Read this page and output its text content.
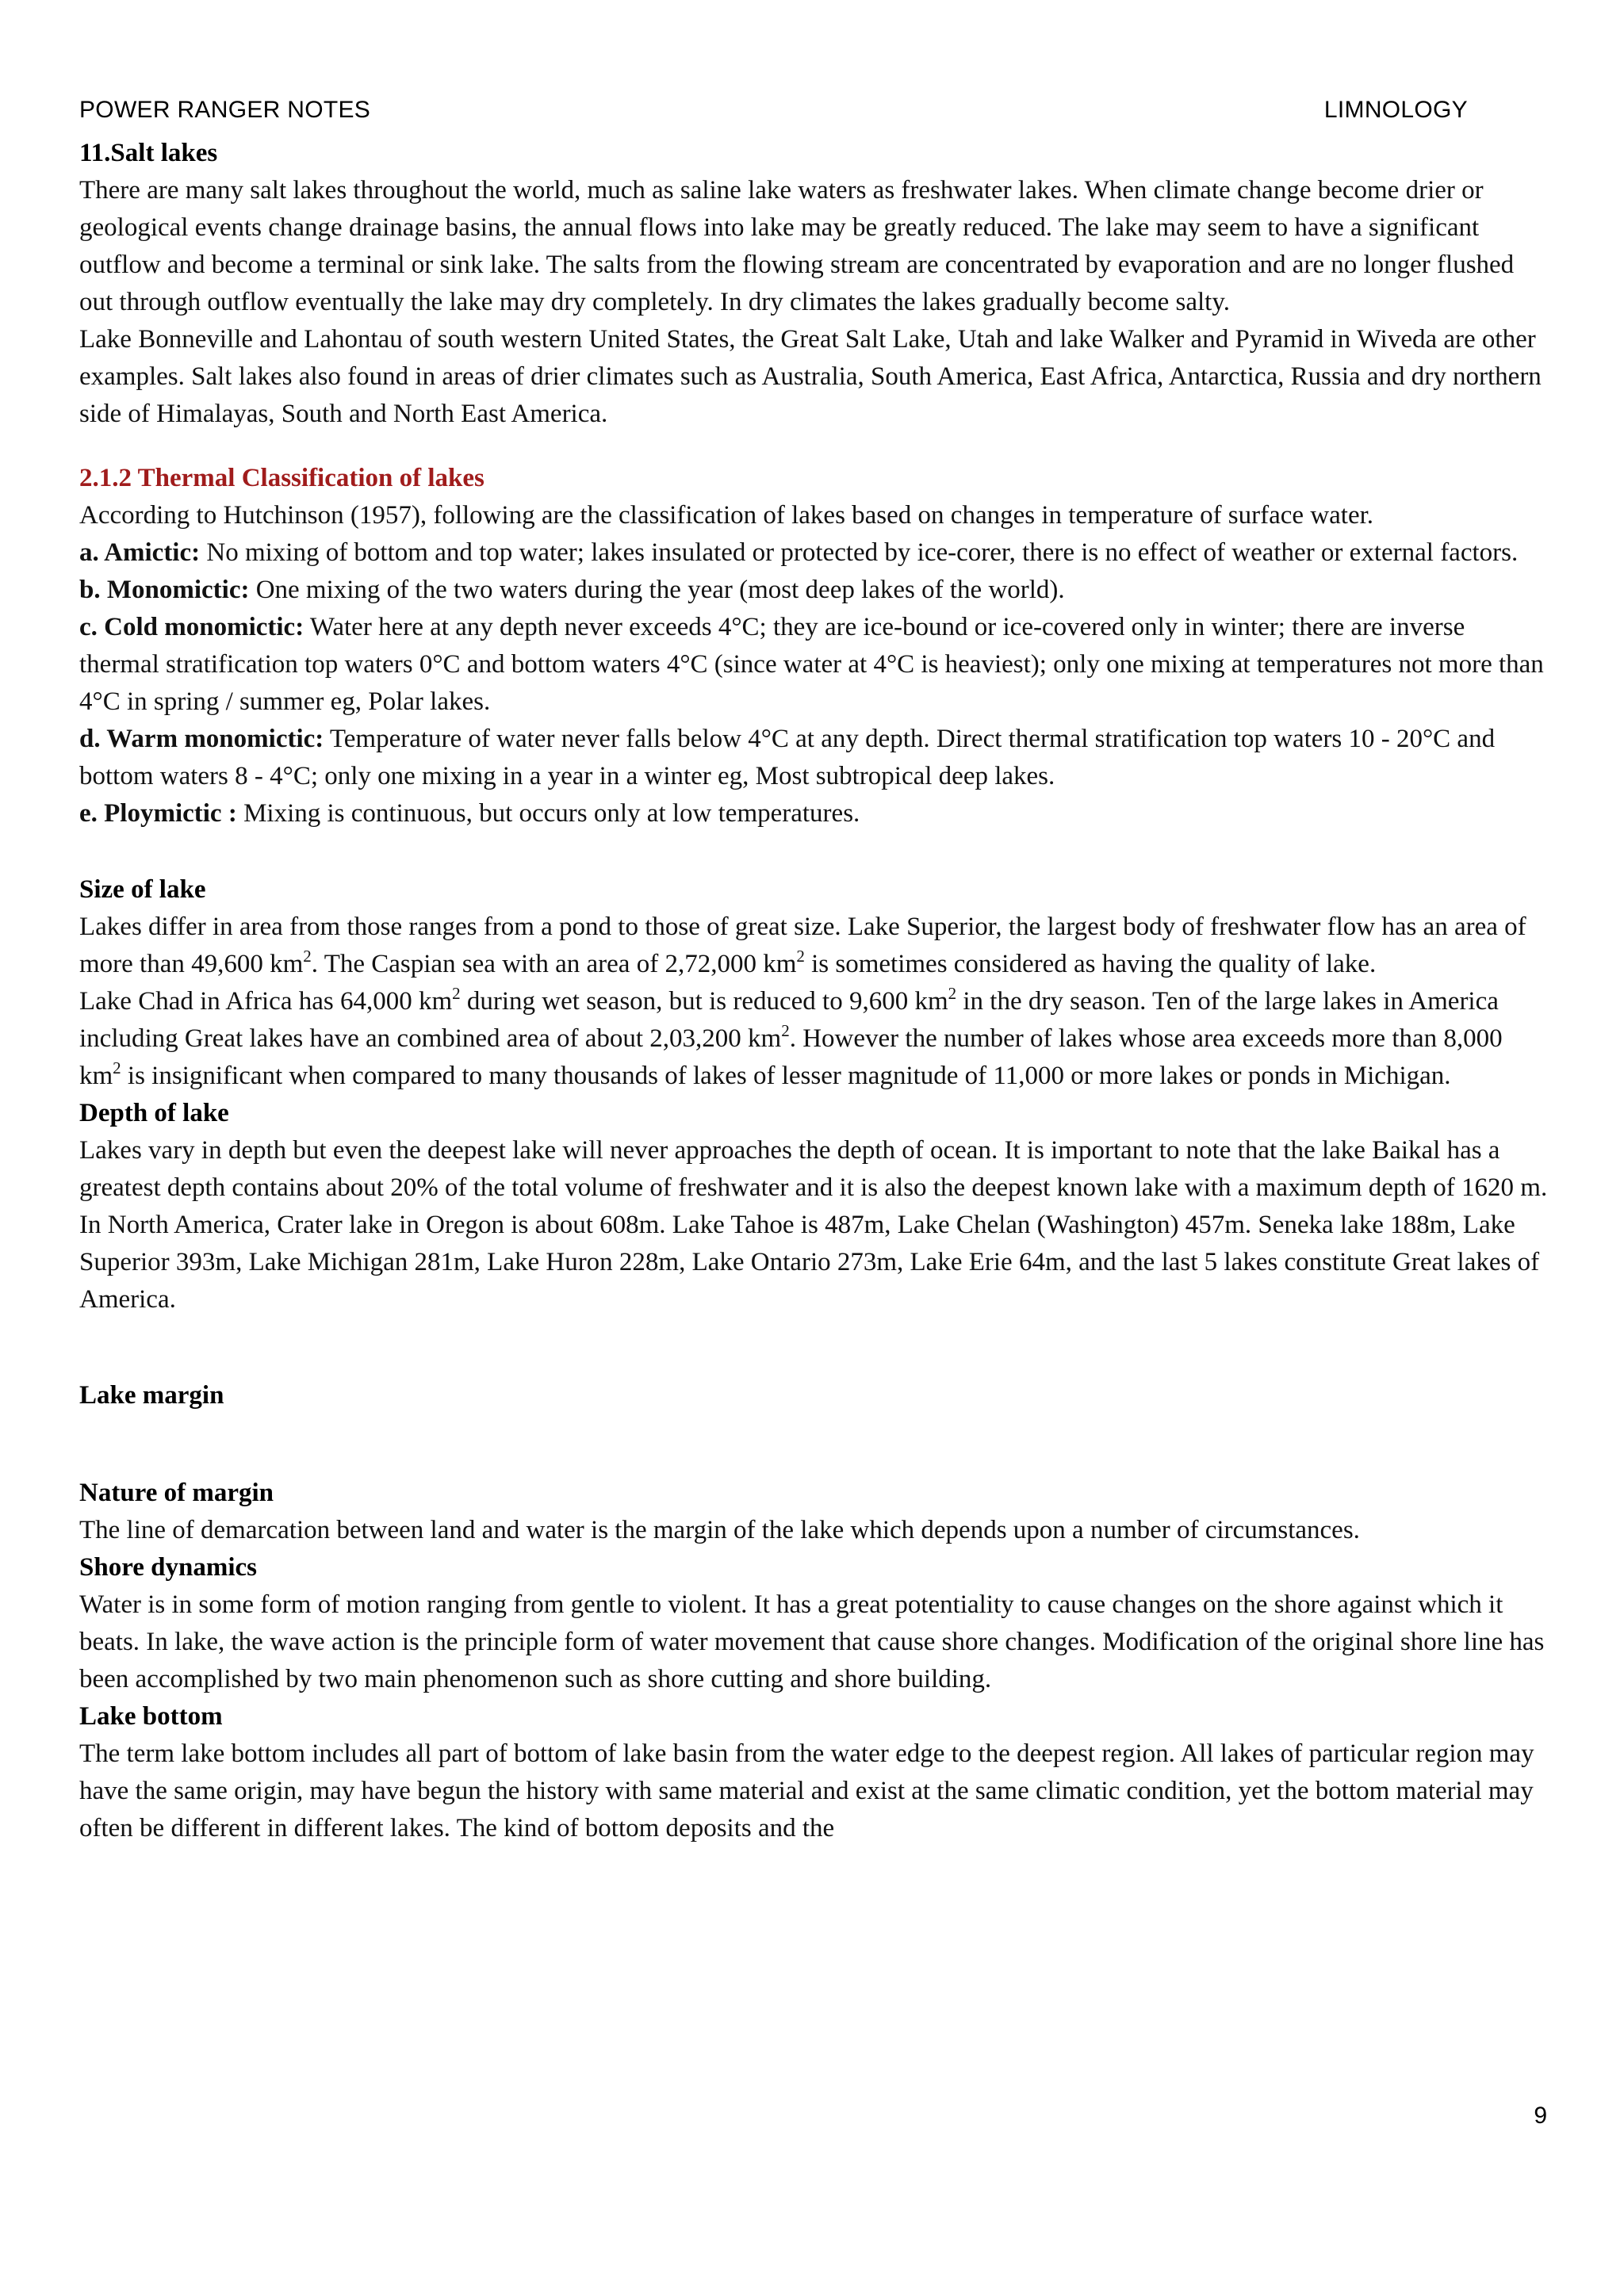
POWER RANGER NOTES	LIMNOLOGY

11.Salt lakes

There are many salt lakes throughout the world, much as saline lake waters as freshwater lakes. When climate change become drier or geological events change drainage basins, the annual flows into lake may be greatly reduced. The lake may seem to have a significant outflow and become a terminal or sink lake. The salts from the flowing stream are concentrated by evaporation and are no longer flushed out through outflow eventually the lake may dry completely. In dry climates the lakes gradually become salty.

Lake Bonneville and Lahontau of south western United States, the Great Salt Lake, Utah and lake Walker and Pyramid in Wiveda are other examples. Salt lakes also found in areas of drier climates such as Australia, South America, East Africa, Antarctica, Russia and dry northern side of Himalayas, South and North East America.

2.1.2 Thermal Classification of lakes

According to Hutchinson (1957), following are the classification of lakes based on changes in temperature of surface water.

a. Amictic: No mixing of bottom and top water; lakes insulated or protected by ice-corer, there is no effect of weather or external factors.

b. Monomictic: One mixing of the two waters during the year (most deep lakes of the world).

c. Cold monomictic: Water here at any depth never exceeds 4°C; they are ice-bound or ice-covered only in winter; there are inverse thermal stratification top waters 0°C and bottom waters 4°C (since water at 4°C is heaviest); only one mixing at temperatures not more than 4°C in spring / summer eg, Polar lakes.

d. Warm monomictic: Temperature of water never falls below 4°C at any depth. Direct thermal stratification top waters 10 - 20°C and bottom waters 8 - 4°C; only one mixing in a year in a winter eg, Most subtropical deep lakes.

e. Ploymictic : Mixing is continuous, but occurs only at low temperatures.

Size of lake

Lakes differ in area from those ranges from a pond to those of great size. Lake Superior, the largest body of freshwater flow has an area of more than 49,600 $km^2$. The Caspian sea with an area of 2,72,000 $km^2$ is sometimes considered as having the quality of lake.

Lake Chad in Africa has 64,000 $km^2$ during wet season, but is reduced to 9,600 $km^2$ in the dry season. Ten of the large lakes in America including Great lakes have an combined area of about 2,03,200 $km^2$. However the number of lakes whose area exceeds more than 8,000 $km^2$ is insignificant when compared to many thousands of lakes of lesser magnitude of 11,000 or more lakes or ponds in Michigan.

Depth of lake

Lakes vary in depth but even the deepest lake will never approaches the depth of ocean. It is important to note that the lake Baikal has a greatest depth contains about 20% of the total volume of freshwater and it is also the deepest known lake with a maximum depth of 1620 m. In North America, Crater lake in Oregon is about 608m. Lake Tahoe is 487m, Lake Chelan (Washington) 457m. Seneka lake 188m, Lake Superior 393m, Lake Michigan 281m, Lake Huron 228m, Lake Ontario 273m, Lake Erie 64m, and the last 5 lakes constitute Great lakes of America.

Lake margin

Nature of margin

The line of demarcation between land and water is the margin of the lake which depends upon a number of circumstances.

Shore dynamics

Water is in some form of motion ranging from gentle to violent. It has a great potentiality to cause changes on the shore against which it beats. In lake, the wave action is the principle form of water movement that cause shore changes. Modification of the original shore line has been accomplished by two main phenomenon such as shore cutting and shore building.

Lake bottom

The term lake bottom includes all part of bottom of lake basin from the water edge to the deepest region. All lakes of particular region may have the same origin, may have begun the history with same material and exist at the same climatic condition, yet the bottom material may often be different in different lakes. The kind of bottom deposits and the

9
